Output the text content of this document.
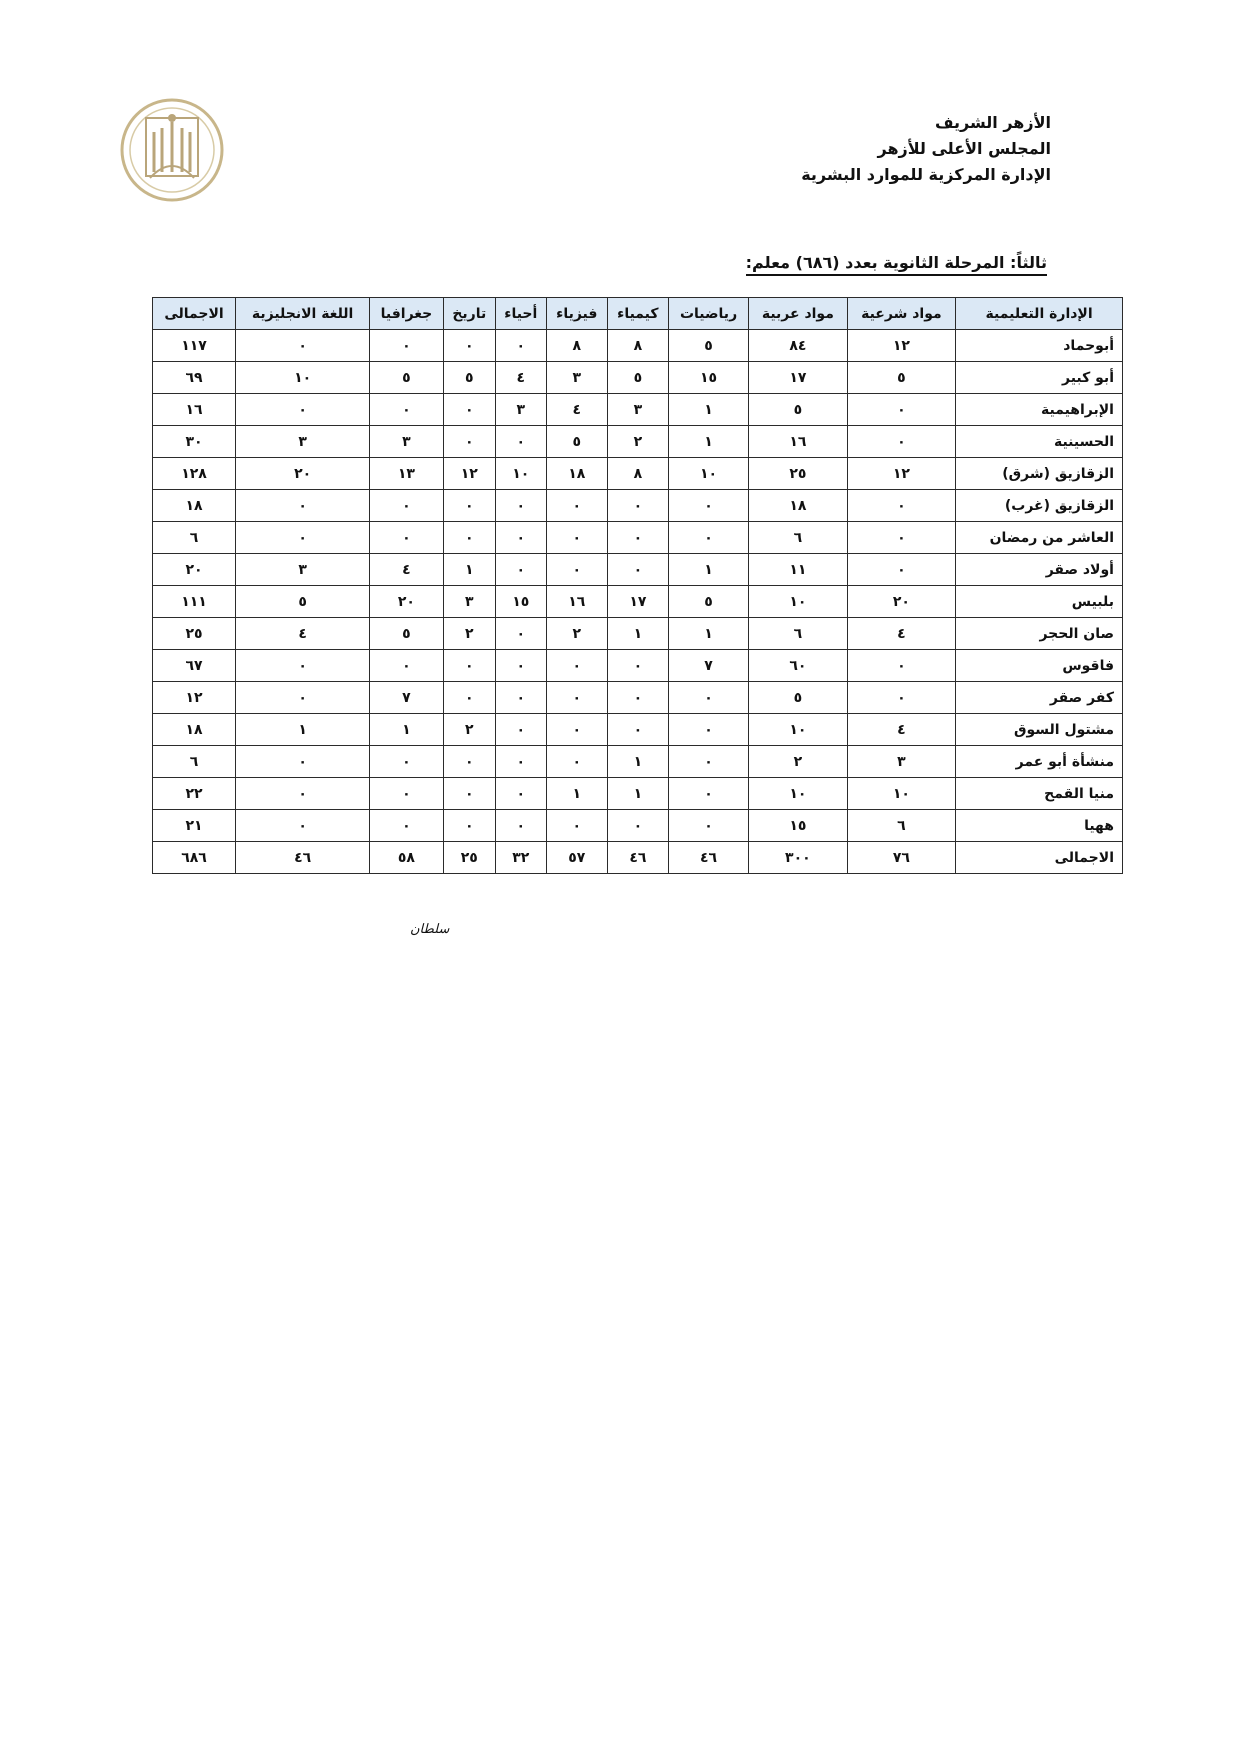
الأزهر الشريف
المجلس الأعلى للأزهر
الإدارة المركزية للموارد البشرية
ثالثاً: المرحلة الثانوية بعدد (٦٨٦) معلم:
الإدارة التعليمية	مواد شرعية	مواد عربية	رياضيات	كيمياء	فيزياء	أحياء	تاريخ	جغرافيا	اللغة الانجليزية	الاجمالى
أبوحماد	١٢	٨٤	٥	٨	٨	٠	٠	٠	٠	١١٧
أبو كبير	٥	١٧	١٥	٥	٣	٤	٥	٥	١٠	٦٩
الإبراهيمية	٠	٥	١	٣	٤	٣	٠	٠	٠	١٦
الحسينية	٠	١٦	١	٢	٥	٠	٠	٣	٣	٣٠
الزقازيق (شرق)	١٢	٢٥	١٠	٨	١٨	١٠	١٢	١٣	٢٠	١٢٨
الزقازيق (غرب)	٠	١٨	٠	٠	٠	٠	٠	٠	٠	١٨
العاشر من رمضان	٠	٦	٠	٠	٠	٠	٠	٠	٠	٦
أولاد صقر	٠	١١	١	٠	٠	٠	١	٤	٣	٢٠
بلبيس	٢٠	١٠	٥	١٧	١٦	١٥	٣	٢٠	٥	١١١
صان الحجر	٤	٦	١	١	٢	٠	٢	٥	٤	٢٥
فاقوس	٠	٦٠	٧	٠	٠	٠	٠	٠	٠	٦٧
كفر صقر	٠	٥	٠	٠	٠	٠	٠	٧	٠	١٢
مشتول السوق	٤	١٠	٠	٠	٠	٠	٢	١	١	١٨
منشأة أبو عمر	٣	٢	٠	١	٠	٠	٠	٠	٠	٦
منيا القمح	١٠	١٠	٠	١	١	٠	٠	٠	٠	٢٢
ههيا	٦	١٥	٠	٠	٠	٠	٠	٠	٠	٢١
الاجمالى	٧٦	٣٠٠	٤٦	٤٦	٥٧	٣٢	٢٥	٥٨	٤٦	٦٨٦
سلطان
